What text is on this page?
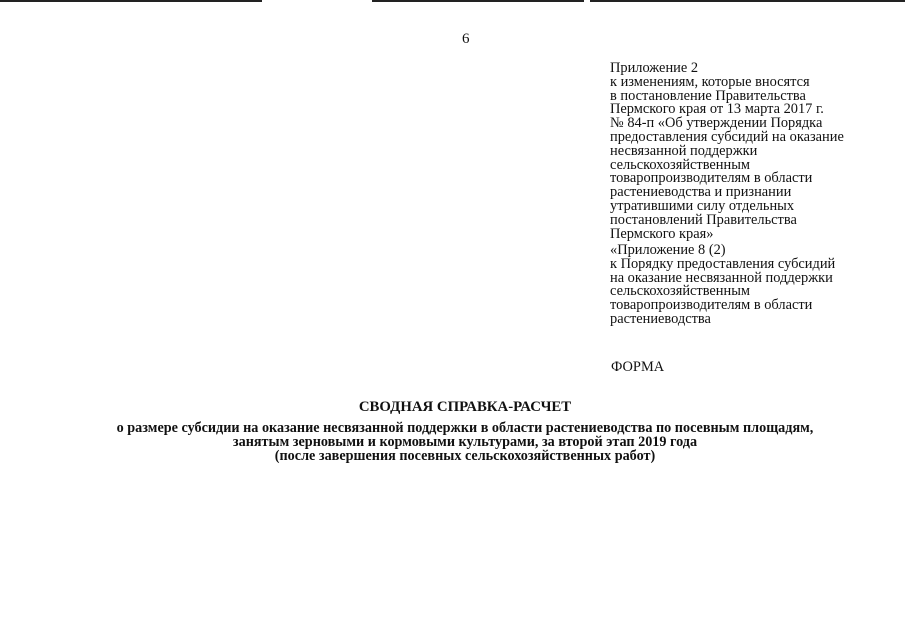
6
Приложение 2
к изменениям, которые вносятся
в постановление Правительства
Пермского края от 13 марта 2017 г.
№ 84-п «Об утверждении Порядка
предоставления субсидий на оказание
несвязанной поддержки
сельскохозяйственным
товаропроизводителям в области
растениеводства и признании
утратившими силу отдельных
постановлений Правительства
Пермского края»
«Приложение 8 (2)
к Порядку предоставления субсидий
на оказание несвязанной поддержки
сельскохозяйственным
товаропроизводителям в области
растениеводства
ФОРМА
СВОДНАЯ СПРАВКА-РАСЧЕТ
о размере субсидии на оказание несвязанной поддержки в области растениеводства по посевным площадям,
занятым зерновыми и кормовыми культурами, за второй этап 2019 года
(после завершения посевных сельскохозяйственных работ)
